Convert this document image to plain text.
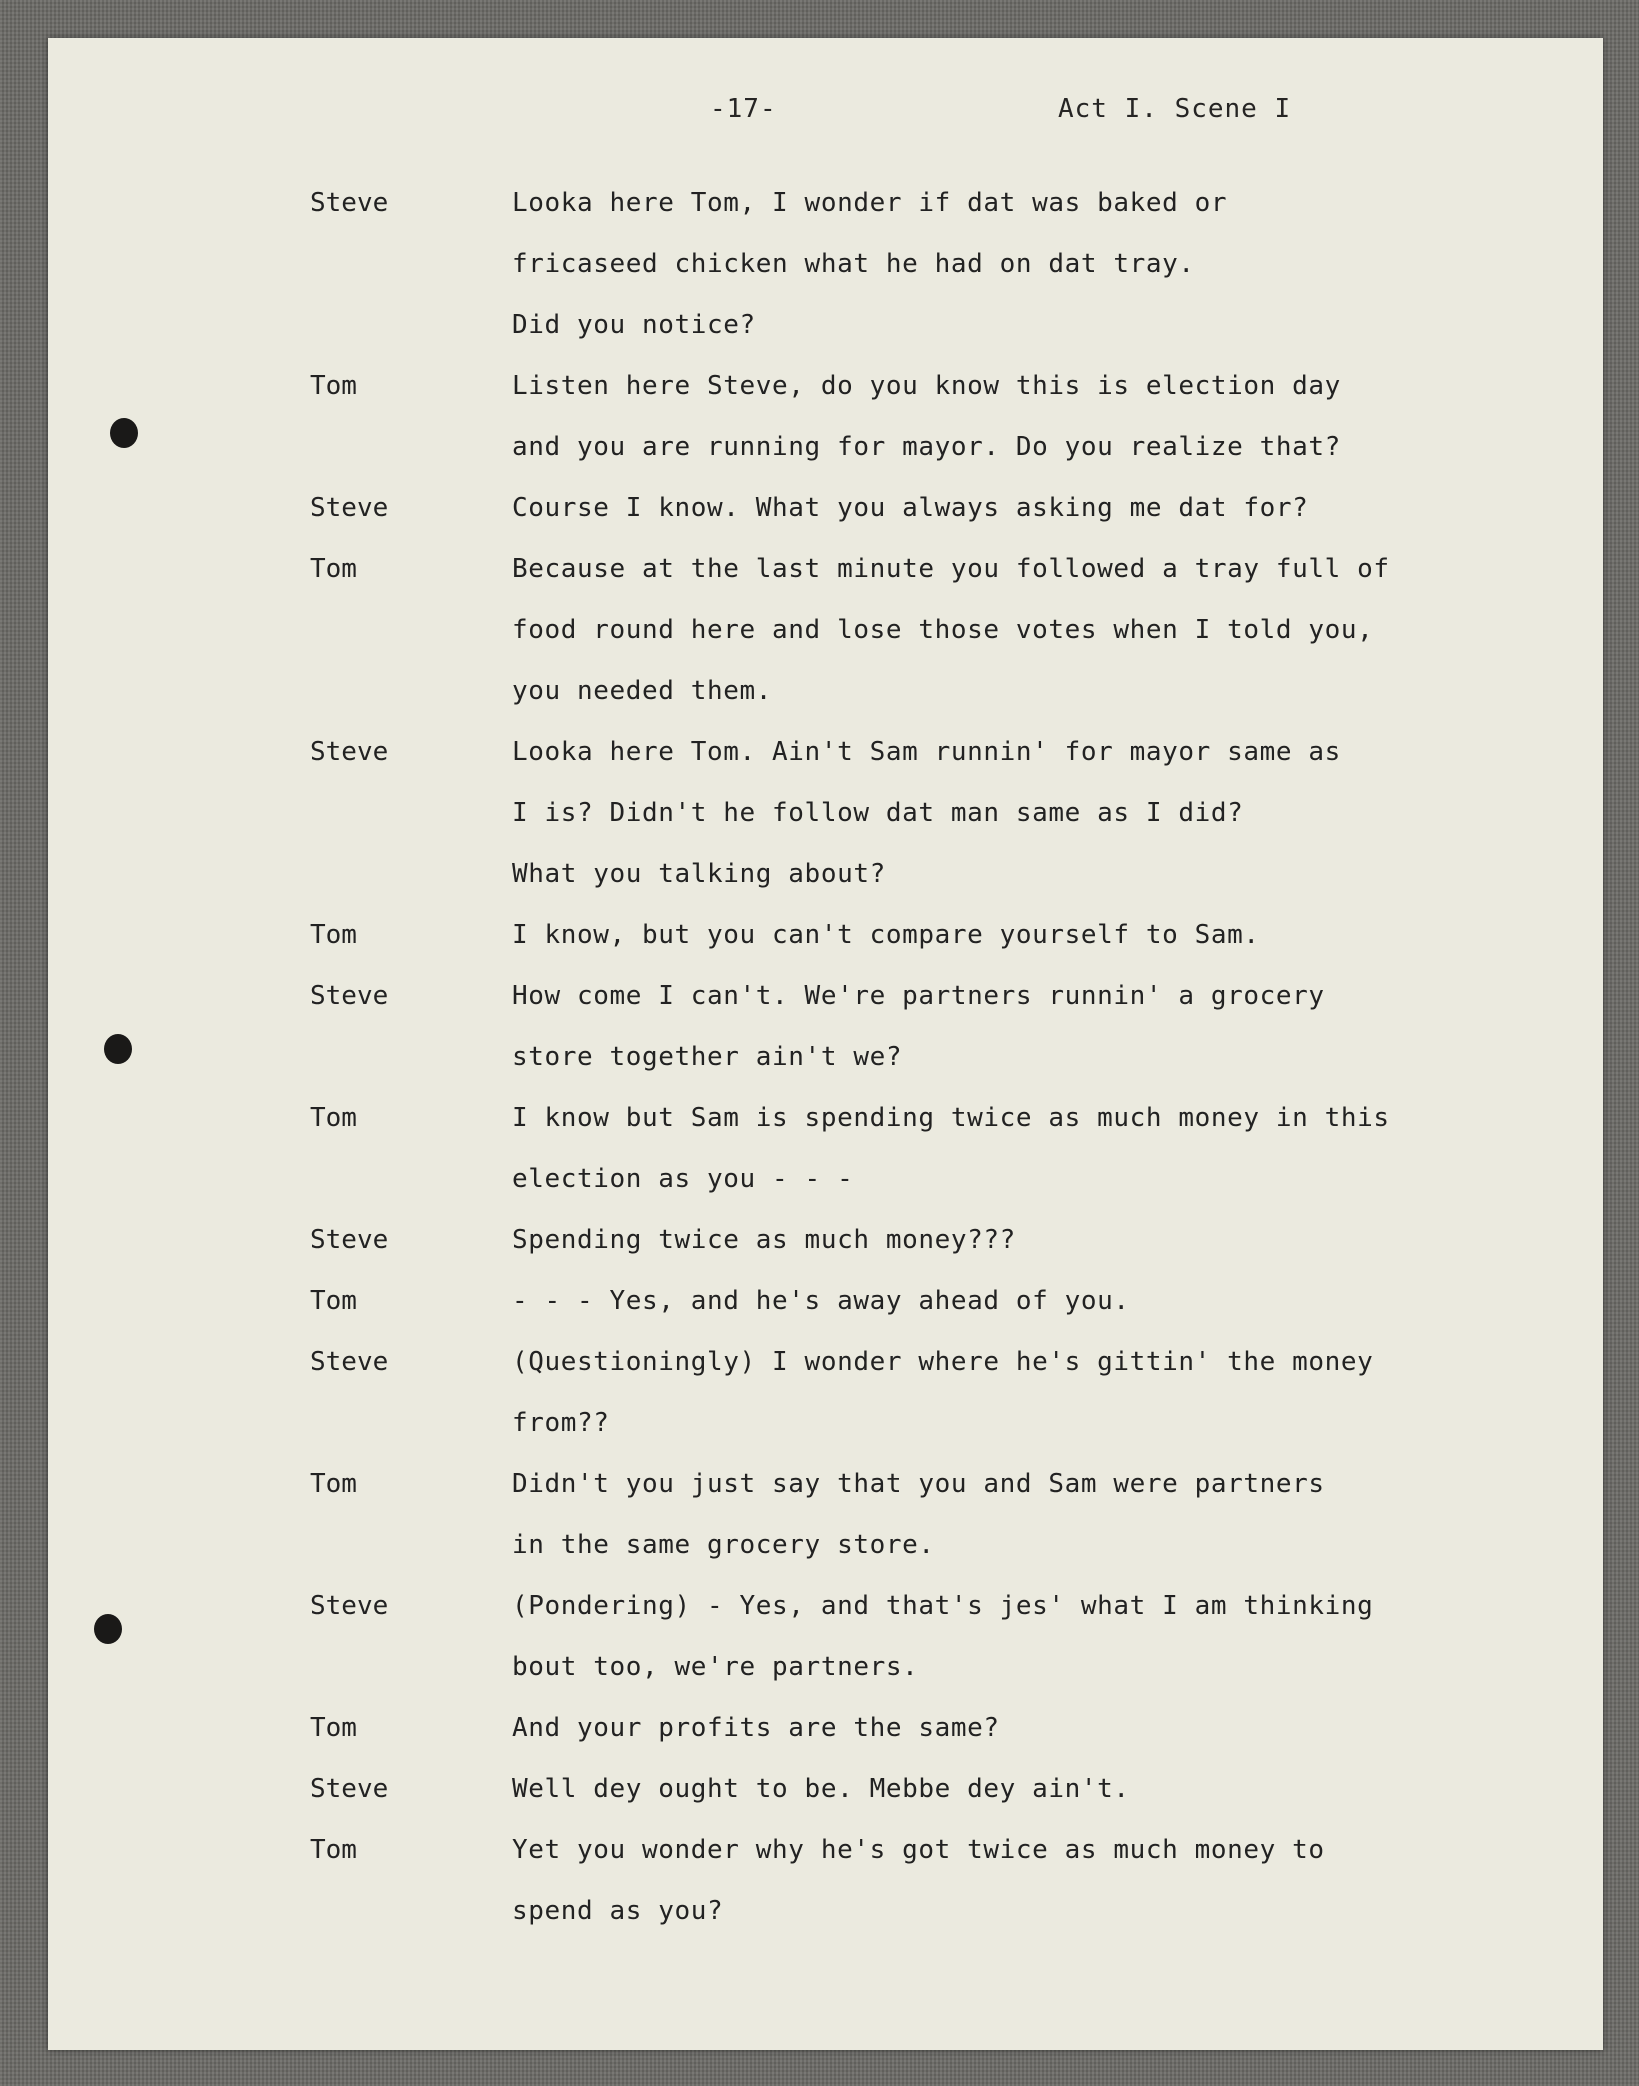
-17-	Act I. Scene I
Steve	Looka here Tom, I wonder if dat was baked or
fricaseed chicken what he had on dat tray.
Did you notice?
Tom	Listen here Steve, do you know this is election day
and you are running for mayor. Do you realize that?
Steve	Course I know. What you always asking me dat for?
Tom	Because at the last minute you followed a tray full of
food round here and lose those votes when I told you,
you needed them.
Steve	Looka here Tom. Ain't Sam runnin' for mayor same as
I is? Didn't he follow dat man same as I did?
What you talking about?
Tom	I know, but you can't compare yourself to Sam.
Steve	How come I can't. We're partners runnin' a grocery
store together ain't we?
Tom	I know but Sam is spending twice as much money in this
election as you - - -
Steve	Spending twice as much money???
Tom	- - - Yes, and he's away ahead of you.
Steve	(Questioningly) I wonder where he's gittin' the money
from??
Tom	Didn't you just say that you and Sam were partners
in the same grocery store.
Steve	(Pondering) - Yes, and that's jes' what I am thinking
bout too, we're partners.
Tom	And your profits are the same?
Steve	Well dey ought to be. Mebbe dey ain't.
Tom	Yet you wonder why he's got twice as much money to
spend as you?
